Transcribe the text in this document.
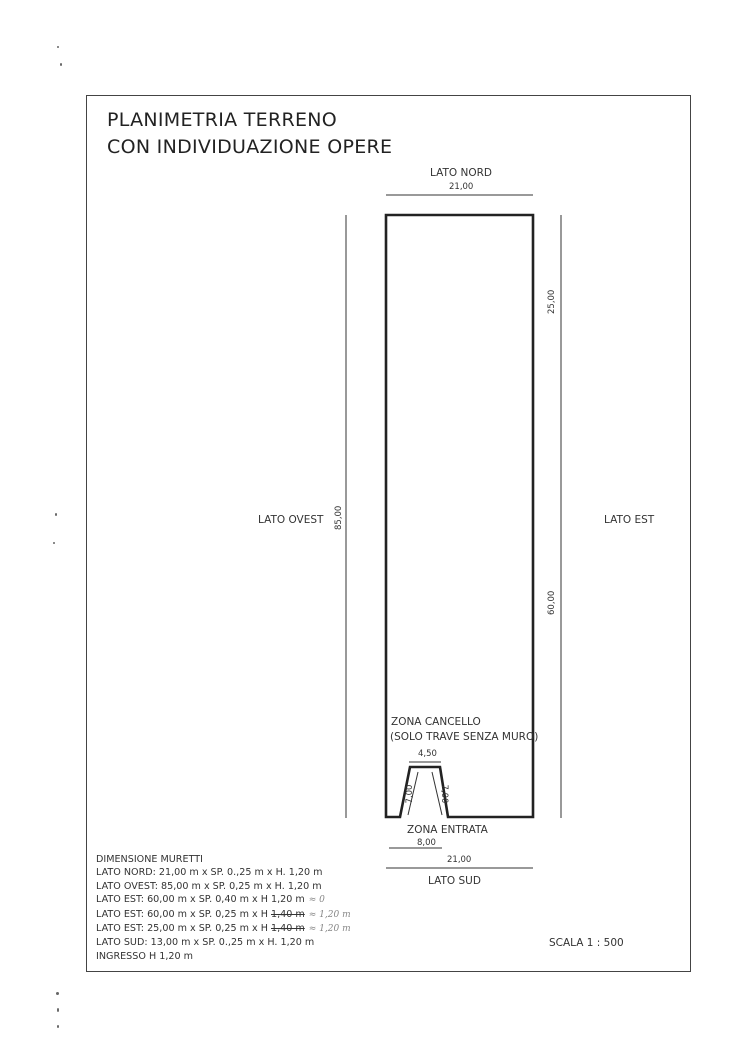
PLANIMETRIA TERRENO
CON INDIVIDUAZIONE OPERE
LATO NORD
21,00
LATO OVEST 85,00	LATO EST
25,00
60,00
ZONA CANCELLO
(SOLO TRAVE SENZA MURO)
4,50
7,00	7,00
ZONA ENTRATA
8,00
21,00
LATO SUD
DIMENSIONE MURETTI
LATO NORD: 21,00 m x SP. 0.,25 m x H. 1,20 m
LATO OVEST: 85,00 m x SP. 0,25 m x H. 1,20 m
LATO EST: 60,00 m x SP. 0,40 m x H 1,20 m ≈ 0
LATO EST: 60,00 m x SP. 0,25 m x H 1,40 m ≈ 1,20 m
LATO EST: 25,00 m x SP. 0,25 m x H 1,40 m ≈ 1,20 m
LATO SUD: 13,00 m x SP. 0.,25 m x H. 1,20 m
INGRESSO H 1,20 m
SCALA 1 : 500
